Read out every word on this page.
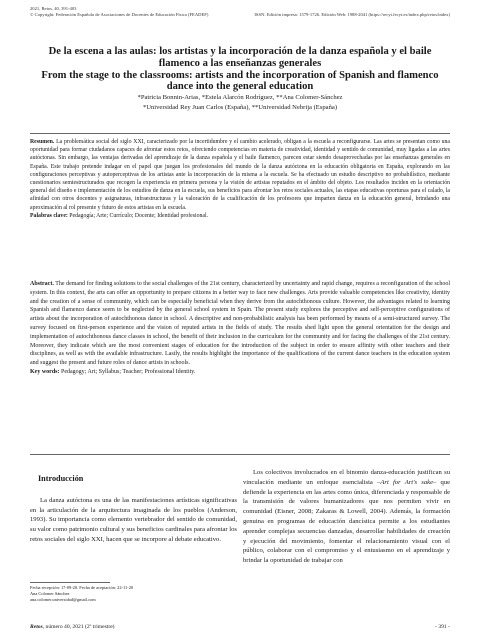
2021, Retos, 40, 391-403
© Copyright: Federación Española de Asociaciones de Docentes de Educación Física (FEADEF)	ISSN: Edición impresa: 1579-1726. Edición Web: 1988-2041 (https://recyt.fecyt.es/index.php/retos/index)
De la escena a las aulas: los artistas y la incorporación de la danza española y el baile flamenco a las enseñanzas generales
From the stage to the classrooms: artists and the incorporation of Spanish and flamenco dance into the general education
*Patricia Bonnin-Arias, *Estela Alarcón Rodríguez, **Ana Colomer-Sánchez
*Universidad Rey Juan Carlos (España), **Universidad Nebrija (España)
Resumen. La problemática social del siglo XXI, caracterizado por la incertidumbre y el cambio acelerado, obligan a la escuela a reconfigurarse. Las artes se presentan como una oportunidad para formar ciudadanos capaces de afrontar estos retos, ofreciendo competencias en materia de creatividad, identidad y sentido de comunidad, muy ligadas a las artes autóctonas. Sin embargo, las ventajas derivadas del aprendizaje de la danza española y el baile flamenco, parecen estar siendo desaprovechadas por las enseñanzas generales en España. Este trabajo pretende indagar en el papel que juegan los profesionales del mundo de la danza autóctona en la educación obligatoria en España, explorando en las configuraciones perceptivas y autoperceptivas de los artistas ante la incorporación de la misma a la escuela. Se ha efectuado un estudio descriptivo no probabilístico, mediante cuestionarios semiestructurados que recogen la experiencia en primera persona y la visión de artistas reputados en el ámbito del objeto. Los resultados inciden en la orientación general del diseño e implementación de los estudios de danza en la escuela, sus beneficios para afrontar los retos sociales actuales, las etapas educativas oportunas para el calado, la afinidad con otros docentes y asignaturas, infraestructuras y la valoración de la cualificación de los profesores que imparten danza en la educación general, brindando una aproximación al rol presente y futuro de estos artistas en la escuela.
Palabras clave: Pedagogía; Arte; Currículo; Docente; Identidad profesional.
Abstract. The demand for finding solutions to the social challenges of the 21st century, characterized by uncertainty and rapid change, requires a reconfiguration of the school system. In this context, the arts can offer an opportunity to prepare citizens in a better way to face new challenges. Arts provide valuable competencies like creativity, identity and the creation of a sense of community, which can be especially beneficial when they derive from the autochthonous culture. However, the advantages related to learning Spanish and flamenco dance seem to be neglected by the general school system in Spain. The present study explores the perceptive and self-perceptive configurations of artists about the incorporation of autochthonous dance in school. A descriptive and non-probabilistic analysis has been performed by means of a semi-structured survey. The survey focused on first-person experience and the vision of reputed artists in the fields of study. The results shed light upon the general orientation for the design and implementation of autochthonous dance classes in school, the benefit of their inclusion in the curriculum for the community and for facing the challenges of the 21st century. Moreover, they indicate which are the most convenient stages of education for the introduction of the subject in order to ensure affinity with other teachers and their disciplines, as well as with the available infrastructure. Lastly, the results highlight the importance of the qualifications of the current dance teachers in the education system and suggest the present and future roles of dance artists in schools.
Key words: Pedagogy; Art; Syllabus; Teacher; Professional Identity.
Introducción
La danza autóctona es una de las manifestaciones artísticas significativas en la articulación de la arquitectura imaginada de los pueblos (Anderson, 1993). Su importancia como elemento vertebrador del sentido de comunidad, su valor como patrimonio cultural y sus beneficios cardinales para afrontar los retos sociales del siglo XXI, hacen que se incorpore al debate educativo.
Los colectivos involucrados en el binomio danza-educación justifican su vinculación mediante un enfoque esencialista –Art for Art's sake– que defiende la experiencia en las artes como única, diferenciada y responsable de la transmisión de valores humanizadores que nos permiten vivir en comunidad (Eisner, 2008; Zakaras & Lowell, 2004). Además, la formación genuina en programas de educación dancística permite a los estudiantes aprender complejas secuencias danzadas, desarrollar habilidades de creación y ejecución del movimiento, fomentar el relacionamiento visual con el público, colaborar con el compromiso y el entusiasmo en el aprendizaje y brindar la oportunidad de trabajar con
Fecha recepción: 17-09-20. Fecha de aceptación: 22-11-20
Ana Colomer Sánchez
ana.colomer.universidad@gmail.com
Retos, número 40, 2021 (2º trimestre)	- 391 -
